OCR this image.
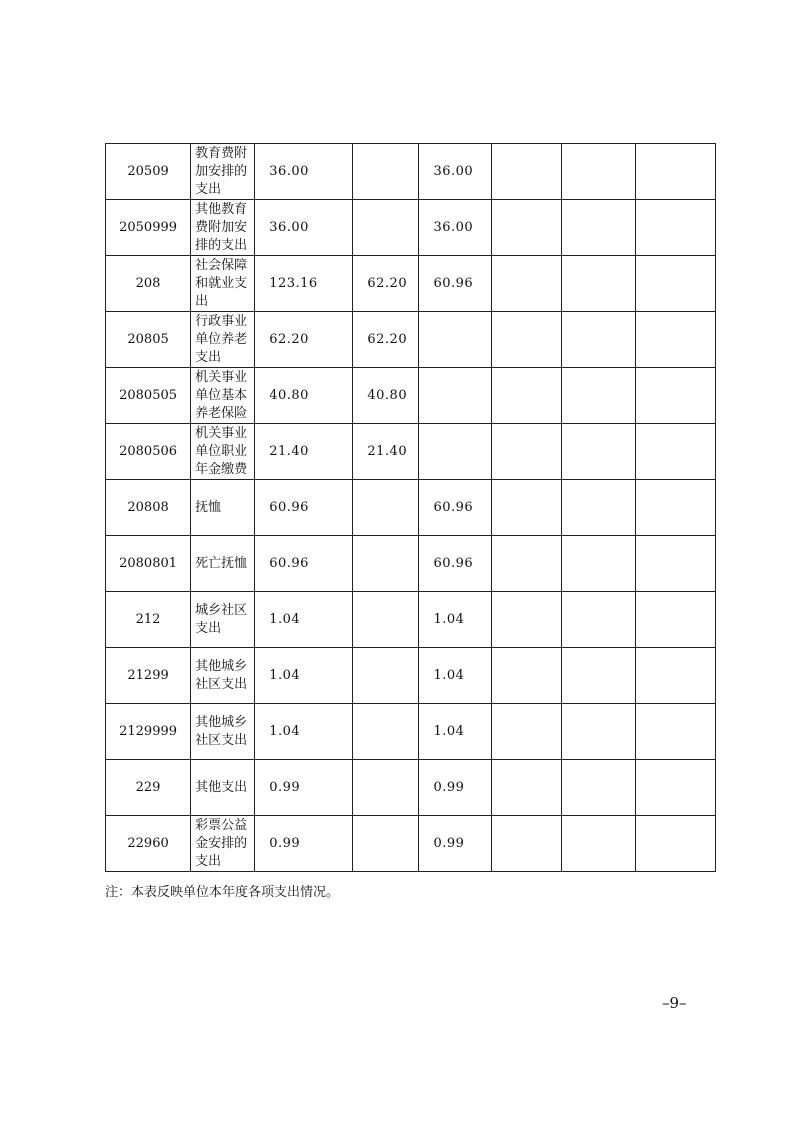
20509	教育费附加安排的支出	36.00		36.00			
2050999	其他教育费附加安排的支出	36.00		36.00			
208	社会保障和就业支出	123.16	62.20	60.96			
20805	行政事业单位养老支出	62.20	62.20				
2080505	机关事业单位基本养老保险	40.80	40.80				
2080506	机关事业单位职业年金缴费	21.40	21.40				
20808	抚恤	60.96		60.96			
2080801	死亡抚恤	60.96		60.96			
212	城乡社区支出	1.04		1.04			
21299	其他城乡社区支出	1.04		1.04			
2129999	其他城乡社区支出	1.04		1.04			
229	其他支出	0.99		0.99			
22960	彩票公益金安排的支出	0.99		0.99			

注：本表反映单位本年度各项支出情况。

–9–
